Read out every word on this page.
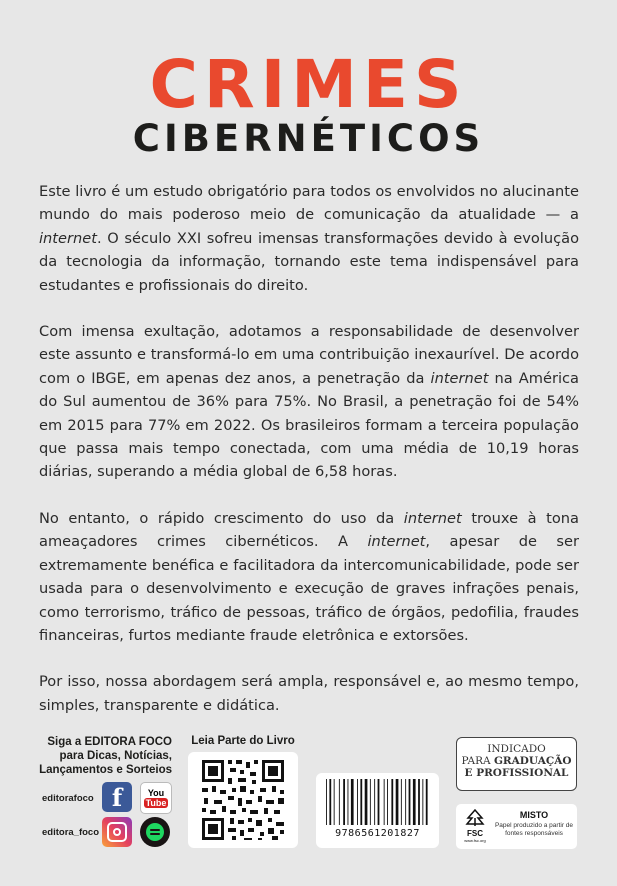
CRIMES
CIBERNÉTICOS

Este livro é um estudo obrigatório para todos os envolvidos no alucinante mundo do mais poderoso meio de comunicação da atualidade — a internet. O século XXI sofreu imensas transformações devido à evolução da tecnologia da informação, tornando este tema indispensável para estudantes e profissionais do direito.

Com imensa exultação, adotamos a responsabilidade de desenvolver este assunto e transformá-lo em uma contribuição inexaurível. De acordo com o IBGE, em apenas dez anos, a penetração da internet na América do Sul aumentou de 36% para 75%. No Brasil, a penetração foi de 54% em 2015 para 77% em 2022. Os brasileiros formam a terceira população que passa mais tempo conectada, com uma média de 10,19 horas diárias, superando a média global de 6,58 horas.

No entanto, o rápido crescimento do uso da internet trouxe à tona ameaçadores crimes cibernéticos. A internet, apesar de ser extremamente benéfica e facilitadora da intercomunicabilidade, pode ser usada para o desenvolvimento e execução de graves infrações penais, como terrorismo, tráfico de pessoas, tráfico de órgãos, pedofilia, fraudes financeiras, furtos mediante fraude eletrônica e extorsões.

Por isso, nossa abordagem será ampla, responsável e, ao mesmo tempo, simples, transparente e didática.

Siga a EDITORA FOCO
para Dicas, Notícias,
Lançamentos e Sorteios
editorafoco f	You
Tube
editora_foco
Leia Parte do Livro
9786561201827
INDICADO
PARA GRADUAÇÃO
E PROFISSIONAL
FSC
www.fsc.org
MISTO
Papel produzido a partir de fontes responsáveis
